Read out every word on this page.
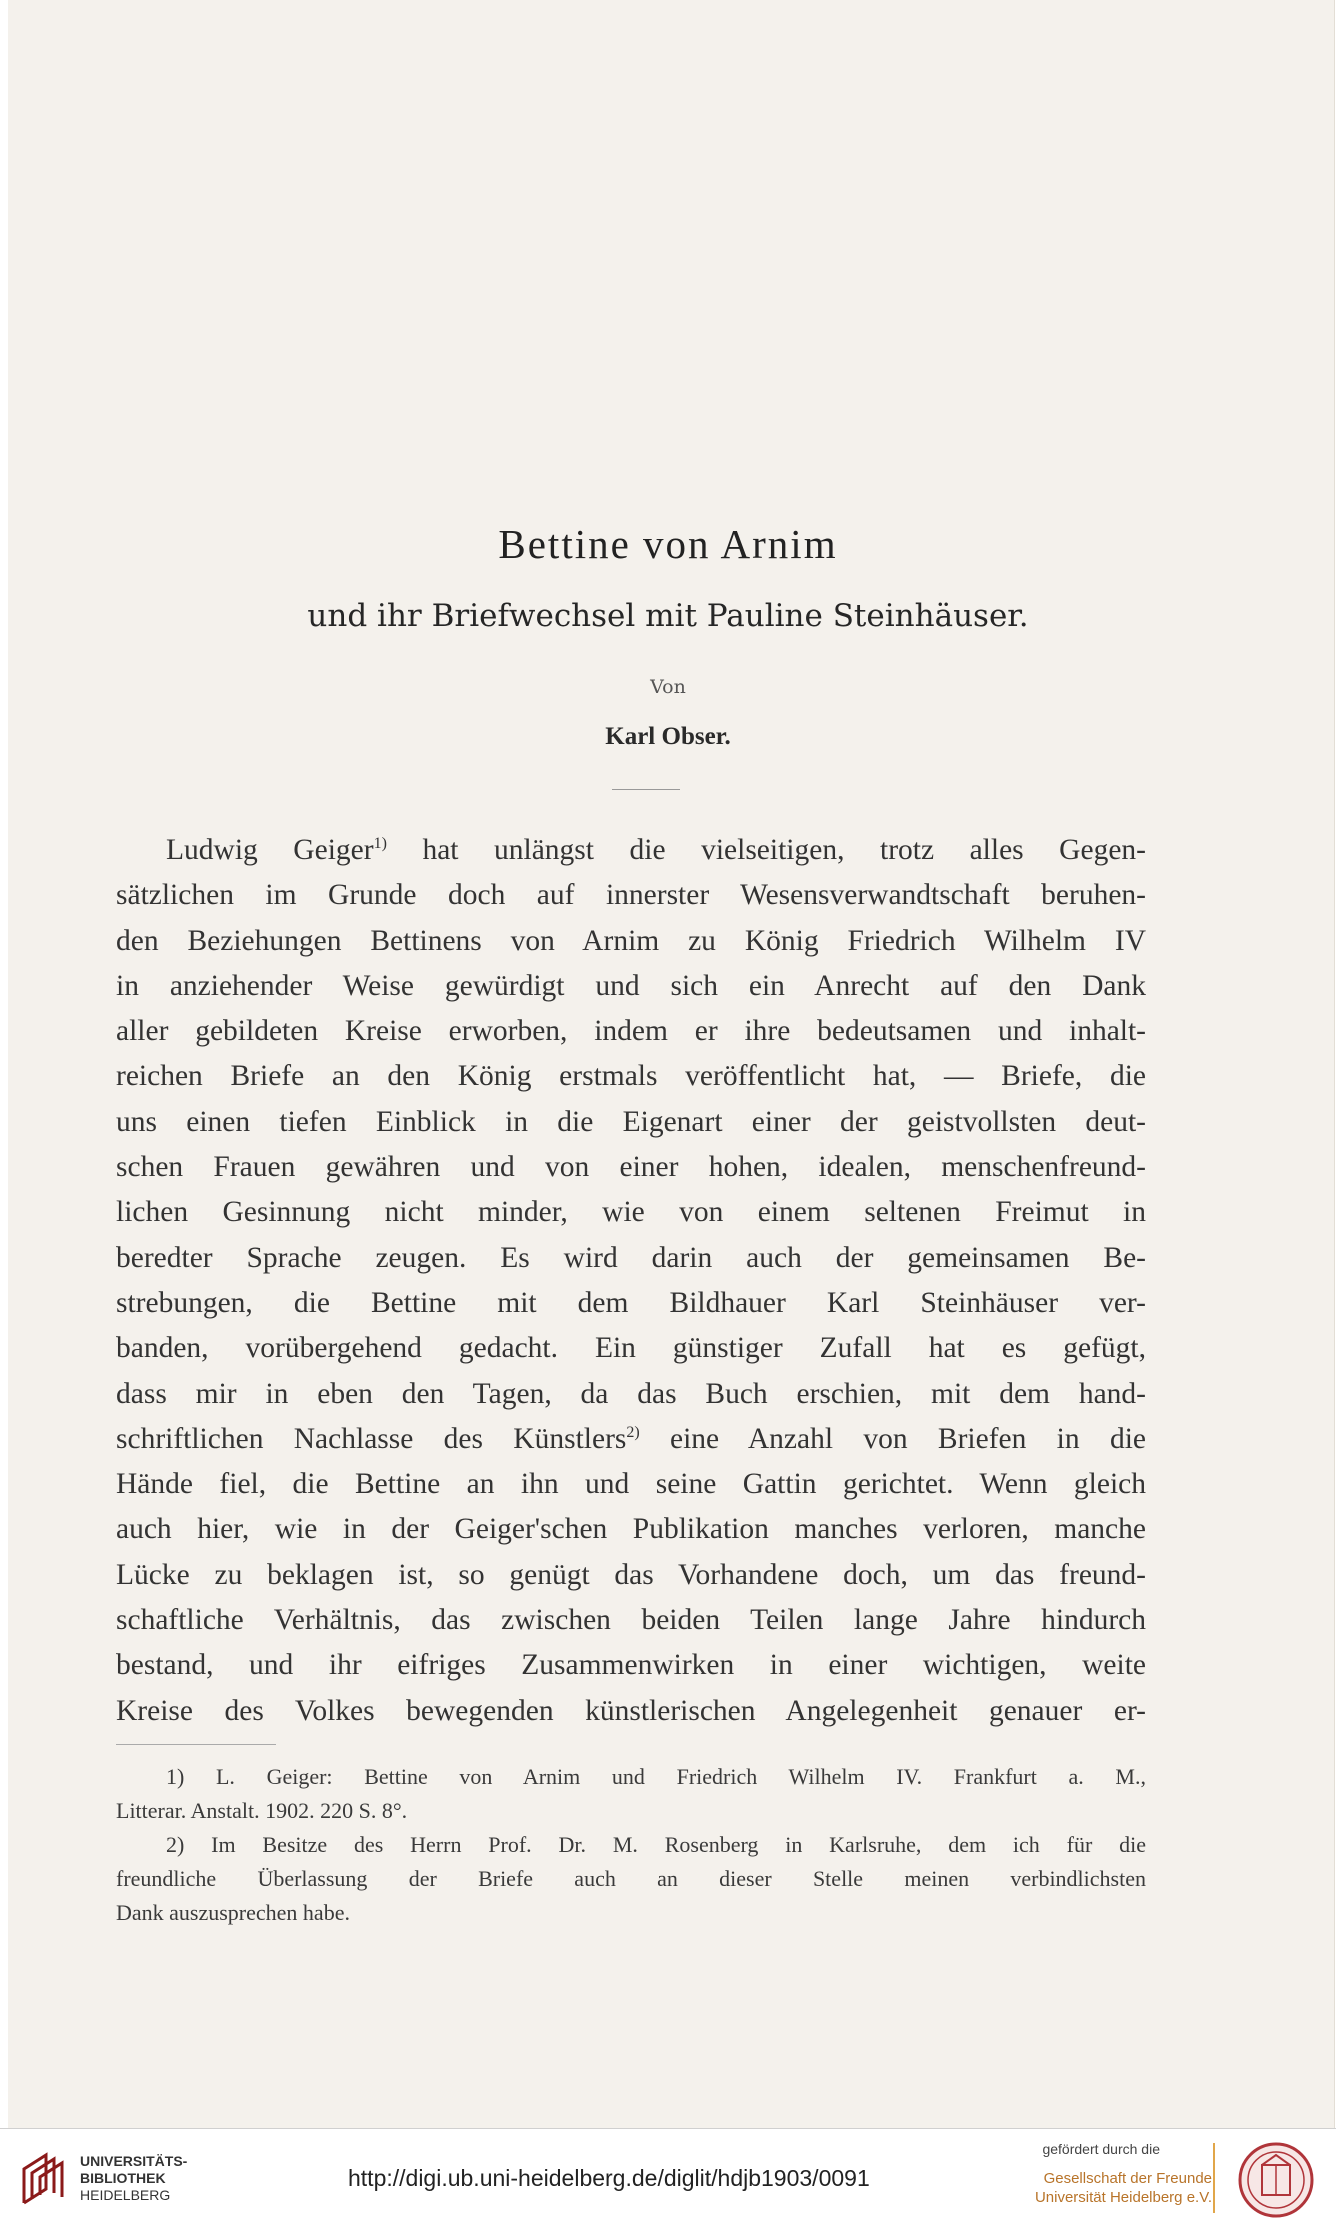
Bettine von Arnim
und ihr Briefwechsel mit Pauline Steinhäuser.
Von
Karl Obser.
Ludwig Geiger$^{1)}$ hat unlängst die vielseitigen, trotz alles Gegen-
sätzlichen im Grunde doch auf innerster Wesensverwandtschaft beruhen-
den Beziehungen Bettinens von Arnim zu König Friedrich Wilhelm IV
in anziehender Weise gewürdigt und sich ein Anrecht auf den Dank
aller gebildeten Kreise erworben, indem er ihre bedeutsamen und inhalt-
reichen Briefe an den König erstmals veröffentlicht hat, — Briefe, die
uns einen tiefen Einblick in die Eigenart einer der geistvollsten deut-
schen Frauen gewähren und von einer hohen, idealen, menschenfreund-
lichen Gesinnung nicht minder, wie von einem seltenen Freimut in
beredter Sprache zeugen. Es wird darin auch der gemeinsamen Be-
strebungen, die Bettine mit dem Bildhauer Karl Steinhäuser ver-
banden, vorübergehend gedacht. Ein günstiger Zufall hat es gefügt,
dass mir in eben den Tagen, da das Buch erschien, mit dem hand-
schriftlichen Nachlasse des Künstlers$^{2)}$ eine Anzahl von Briefen in die
Hände fiel, die Bettine an ihn und seine Gattin gerichtet. Wenn gleich
auch hier, wie in der Geiger'schen Publikation manches verloren, manche
Lücke zu beklagen ist, so genügt das Vorhandene doch, um das freund-
schaftliche Verhältnis, das zwischen beiden Teilen lange Jahre hindurch
bestand, und ihr eifriges Zusammenwirken in einer wichtigen, weite
Kreise des Volkes bewegenden künstlerischen Angelegenheit genauer er-
1) L. Geiger: Bettine von Arnim und Friedrich Wilhelm IV. Frankfurt a. M.,
Litterar. Anstalt. 1902. 220 S. 8°.
2) Im Besitze des Herrn Prof. Dr. M. Rosenberg in Karlsruhe, dem ich für die
freundliche Überlassung der Briefe auch an dieser Stelle meinen verbindlichsten
Dank auszusprechen habe.
UNIVERSITÄTS-
BIBLIOTHEK
HEIDELBERG
http://digi.ub.uni-heidelberg.de/diglit/hdjb1903/0091
gefördert durch die
Gesellschaft der Freunde
Universität Heidelberg e.V.
